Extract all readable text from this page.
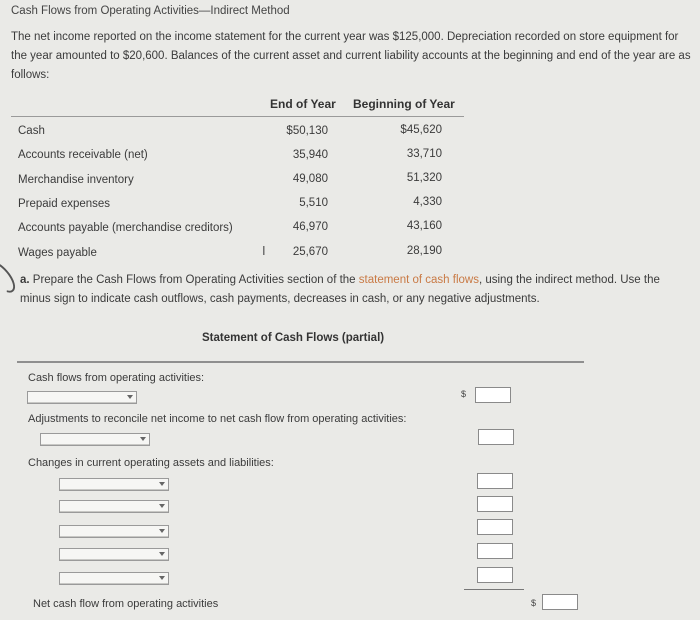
Cash Flows from Operating Activities—Indirect Method
The net income reported on the income statement for the current year was $125,000. Depreciation recorded on store equipment for the year amounted to $20,600. Balances of the current asset and current liability accounts at the beginning and end of the year are as follows:
End of Year Beginning of Year
Cash	$50,130	$45,620
Accounts receivable (net)	35,940	33,710
Merchandise inventory	49,080	51,320
Prepaid expenses	5,510	4,330
Accounts payable (merchandise creditors)	46,970	43,160
Wages payable	I	25,670	28,190
a. Prepare the Cash Flows from Operating Activities section of the statement of cash flows, using the indirect method. Use the minus sign to indicate cash outflows, cash payments, decreases in cash, or any negative adjustments.
Statement of Cash Flows (partial)
Cash flows from operating activities:
$
Adjustments to reconcile net income to net cash flow from operating activities:
Changes in current operating assets and liabilities:
Net cash flow from operating activities	$
